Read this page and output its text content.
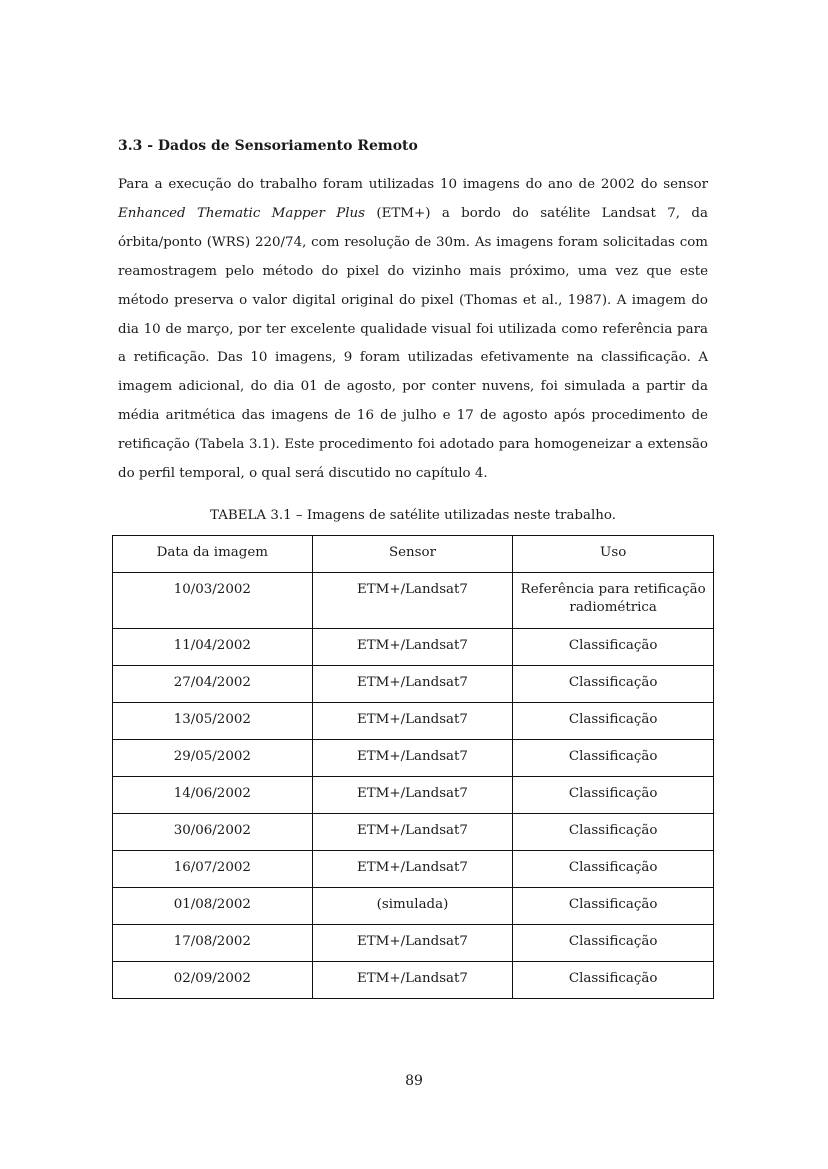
3.3 - Dados de Sensoriamento Remoto

Para a execução do trabalho foram utilizadas 10 imagens do ano de 2002 do sensor Enhanced Thematic Mapper Plus (ETM+) a bordo do satélite Landsat 7, da órbita/ponto (WRS) 220/74, com resolução de 30m. As imagens foram solicitadas com reamostragem pelo método do pixel do vizinho mais próximo, uma vez que este método preserva o valor digital original do pixel (Thomas et al., 1987). A imagem do dia 10 de março, por ter excelente qualidade visual foi utilizada como referência para a retificação. Das 10 imagens, 9 foram utilizadas efetivamente na classificação. A imagem adicional, do dia 01 de agosto, por conter nuvens, foi simulada a partir da média aritmética das imagens de 16 de julho e 17 de agosto após procedimento de retificação (Tabela 3.1). Este procedimento foi adotado para homogeneizar a extensão do perfil temporal, o qual será discutido no capítulo 4.

TABELA 3.1 – Imagens de satélite utilizadas neste trabalho.

Data da imagem	Sensor	Uso
10/03/2002	ETM+/Landsat7	Referência para retificação radiométrica
11/04/2002	ETM+/Landsat7	Classificação
27/04/2002	ETM+/Landsat7	Classificação
13/05/2002	ETM+/Landsat7	Classificação
29/05/2002	ETM+/Landsat7	Classificação
14/06/2002	ETM+/Landsat7	Classificação
30/06/2002	ETM+/Landsat7	Classificação
16/07/2002	ETM+/Landsat7	Classificação
01/08/2002	(simulada)	Classificação
17/08/2002	ETM+/Landsat7	Classificação
02/09/2002	ETM+/Landsat7	Classificação

89
